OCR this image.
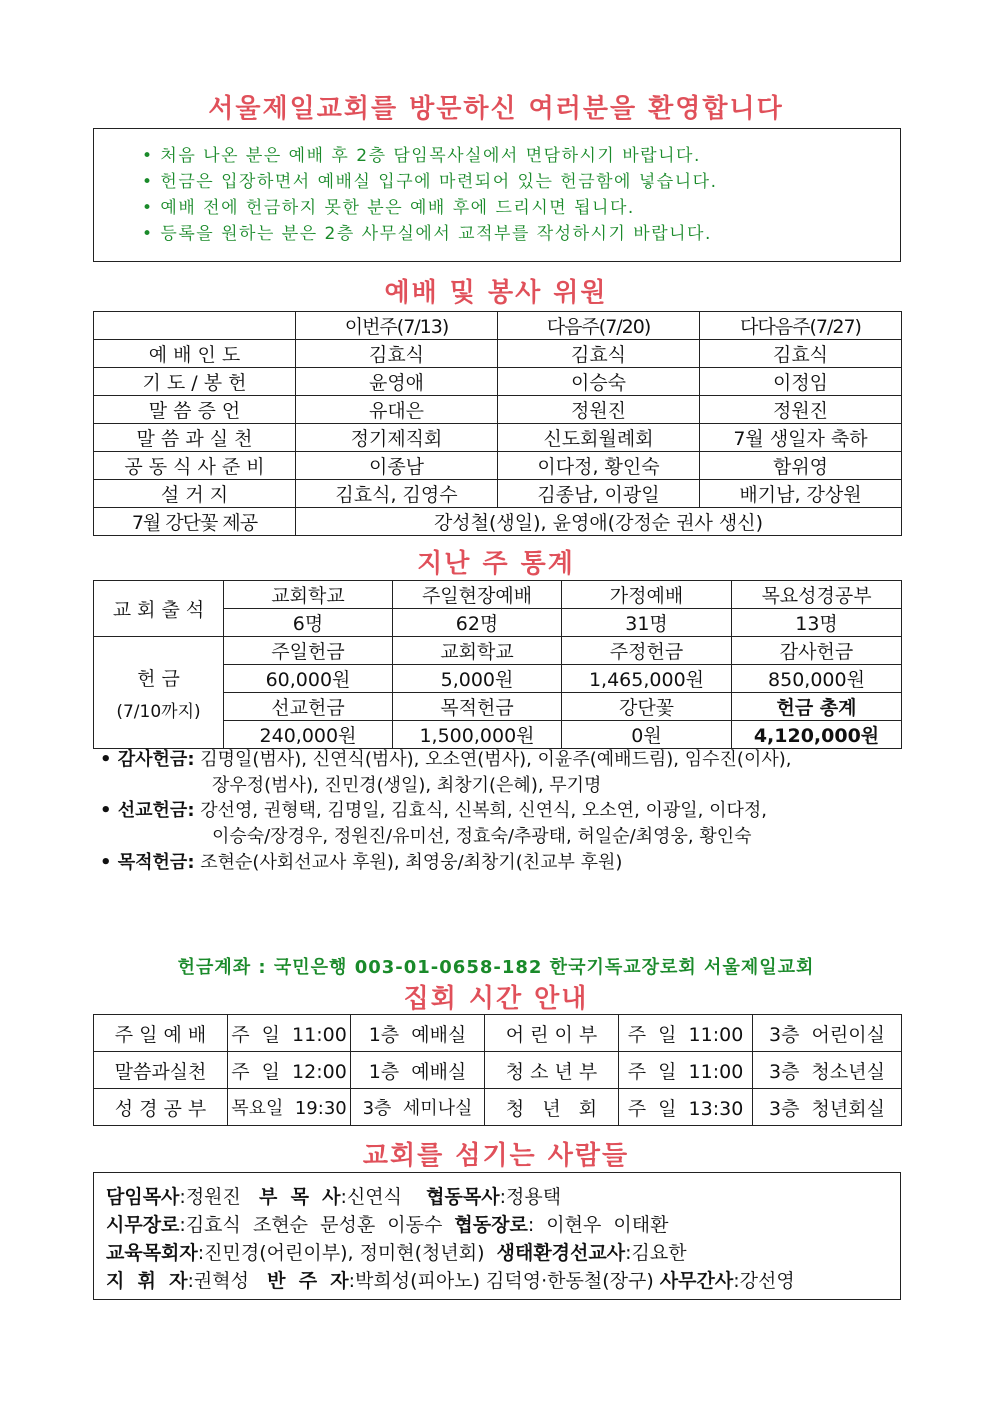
서울제일교회를 방문하신 여러분을 환영합니다
• 처음 나온 분은 예배 후 2층 담임목사실에서 면담하시기 바랍니다.
• 헌금은 입장하면서 예배실 입구에 마련되어 있는 헌금함에 넣습니다.
• 예배 전에 헌금하지 못한 분은 예배 후에 드리시면 됩니다.
• 등록을 원하는 분은 2층 사무실에서 교적부를 작성하시기 바랍니다.
예배 및 봉사 위원
	이번주(7/13)	다음주(7/20)	다다음주(7/27)
예 배 인 도	김효식	김효식	김효식
기 도 / 봉 헌	윤영애	이승숙	이정임
말 씀 증 언	유대은	정원진	정원진
말 씀 과 실 천	정기제직회	신도회월례회	7월 생일자 축하
공 동 식 사 준 비	이종남	이다정, 황인숙	함위영
설 거 지	김효식, 김영수	김종남, 이광일	배기남, 강상원
7월 강단꽃 제공	강성철(생일), 윤영애(강정순 권사 생신)		
지난 주 통계
교 회 출 석	교회학교	주일현장예배	가정예배	목요성경공부
	6명	62명	31명	13명

헌 금
(7/10까지)	주일헌금	교회학교	주정헌금	감사헌금
	60,000원	5,000원	1,465,000원	850,000원
	선교헌금	목적헌금	강단꽃	헌금 총계
	240,000원	1,500,000원	0원	4,120,000원
• 감사헌금: 김명일(범사), 신연식(범사), 오소연(범사), 이윤주(예배드림), 임수진(이사),
장우정(범사), 진민경(생일), 최창기(은혜), 무기명
• 선교헌금: 강선영, 권형택, 김명일, 김효식, 신복희, 신연식, 오소연, 이광일, 이다정,
이승숙/장경우, 정원진/유미선, 정효숙/추광태, 허일순/최영웅, 황인숙
• 목적헌금: 조현순(사회선교사 후원), 최영웅/최창기(친교부 후원)
헌금계좌 : 국민은행 003-01-0658-182 한국기독교장로회 서울제일교회
집회 시간 안내
주 일 예 배	주  일  11:00	1층  예배실	어 린 이 부	주  일  11:00	3층  어린이실
말씀과실천	주  일  12:00	1층  예배실	청 소 년 부	주  일  11:00	3층  청소년실
성 경 공 부	목요일  19:30	3층  세미나실	청   년   회	주  일  13:30	3층  청년회실
교회를 섬기는 사람들
담임목사:정원진   부  목  사:신연식    협동목사:정용택
시무장로:김효식  조현순  문성훈  이동수  협동장로:  이현우  이태환
교육목회자:진민경(어린이부), 정미현(청년회)  생태환경선교사:김요한
지  휘  자:권혁성   반  주  자:박희성(피아노) 김덕영·한동철(장구) 사무간사:강선영
